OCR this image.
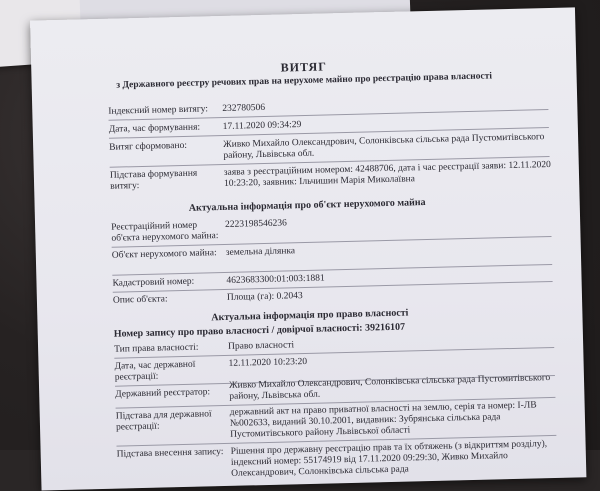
ВИТЯГ
з Державного реєстру речових прав на нерухоме майно про реєстрацію права власності
Індексний номер витягу:	232780506
Дата, час формування:	17.11.2020 09:34:29
Витяг сформовано:	Живко Михайло Олександрович, Солонківська сільська рада Пустомитівського району, Львівська обл.
Підстава формування витягу:
заява з реєстраційним номером: 42488706, дата і час реєстрації заяви: 12.11.2020 10:23:20, заявник: Ільчишин Марія Миколаївна
Актуальна інформація про об'єкт нерухомого майна
Реєстраційний номер об'єкта нерухомого майна:
2223198546236
Об'єкт нерухомого майна: земельна ділянка
Кадастровий номер:	4623683300:01:003:1881
Опис об'єкта:	Площа (га): 0.2043
Актуальна інформація про право власності
Номер запису про право власності / довірчої власності: 39216107
Тип права власності:	Право власності
Дата, час державної реєстрації:
12.11.2020 10:23:20
Державний реєстратор:
Живко Михайло Олександрович, Солонківська сільська рада Пустомитівського району, Львівська обл.
Підстава для державної реєстрації:
державний акт на право приватної власності на землю, серія та номер: І-ЛВ №002633, виданий 30.10.2001, видавник: Зубрянська сільська рада Пустомитівського району Львівської області
Підстава внесення запису: Рішення про державну реєстрацію прав та їх обтяжень (з відкриттям розділу), індексний номер: 55174919 від 17.11.2020 09:29:30, Живко Михайло Олександрович, Солонківська сільська рада
